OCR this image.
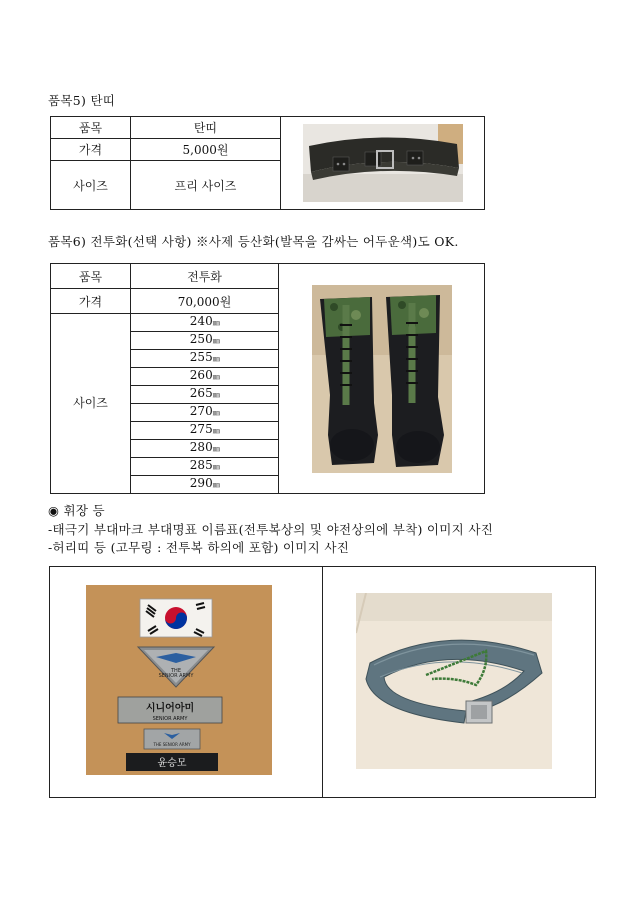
품목5) 탄띠
품목	탄띠	

가격	5,000원	
사이즈	프리 사이즈	
품목6) 전투화(선택 사항) ※사제 등산화(발목을 감싸는 어두운색)도 OK.
품목	전투화	

가격	70,000원	
사이즈	240㎜	
	250㎜	
	255㎜	
	260㎜	
	265㎜	
	270㎜	
	275㎜	
	280㎜	
	285㎜	
	290㎜	
◉ 휘장 등
-태극기 부대마크 부대명표 이름표(전투복상의 및 야전상의에 부착) 이미지 사진
-허리띠 등 (고무링 : 전투복 하의에 포함) 이미지 사진
THE
SENIOR ARMY
시니어아미
SENIOR ARMY
THE SENIOR ARMY
윤승모
